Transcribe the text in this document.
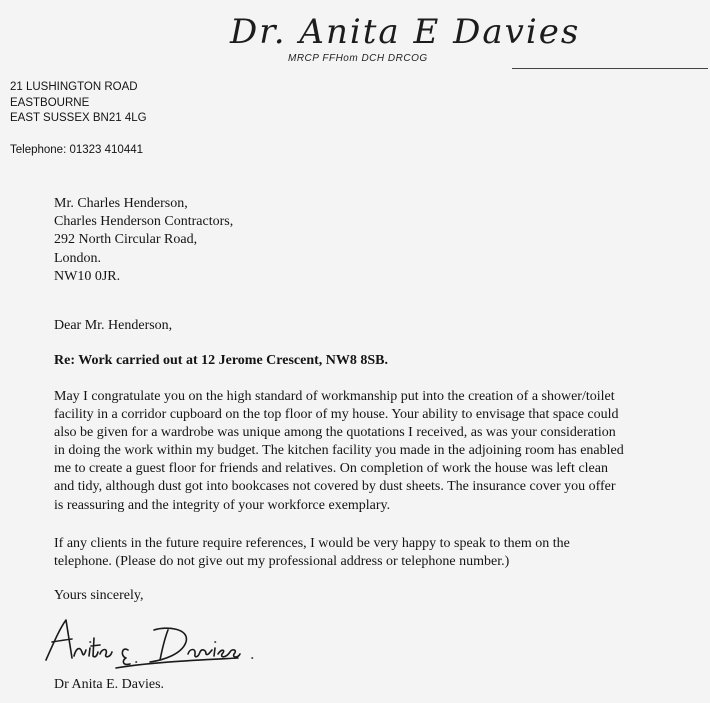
Dr. Anita E Davies
MRCP FFHom DCH DRCOG
21 LUSHINGTON ROAD
EASTBOURNE
EAST SUSSEX BN21 4LG
Telephone: 01323 410441
Mr. Charles Henderson,
Charles Henderson Contractors,
292 North Circular Road,
London.
NW10 0JR.
Dear Mr. Henderson,
Re: Work carried out at 12 Jerome Crescent, NW8 8SB.
May I congratulate you on the high standard of workmanship put into the creation of a shower/toilet
facility in a corridor cupboard on the top floor of my house. Your ability to envisage that space could
also be given for a wardrobe was unique among the quotations I received, as was your consideration
in doing the work within my budget. The kitchen facility you made in the adjoining room has enabled
me to create a guest floor for friends and relatives. On completion of work the house was left clean
and tidy, although dust got into bookcases not covered by dust sheets. The insurance cover you offer
is reassuring and the integrity of your workforce exemplary.
If any clients in the future require references, I would be very happy to speak to them on the
telephone. (Please do not give out my professional address or telephone number.)
Yours sincerely,
Dr Anita E. Davies.
